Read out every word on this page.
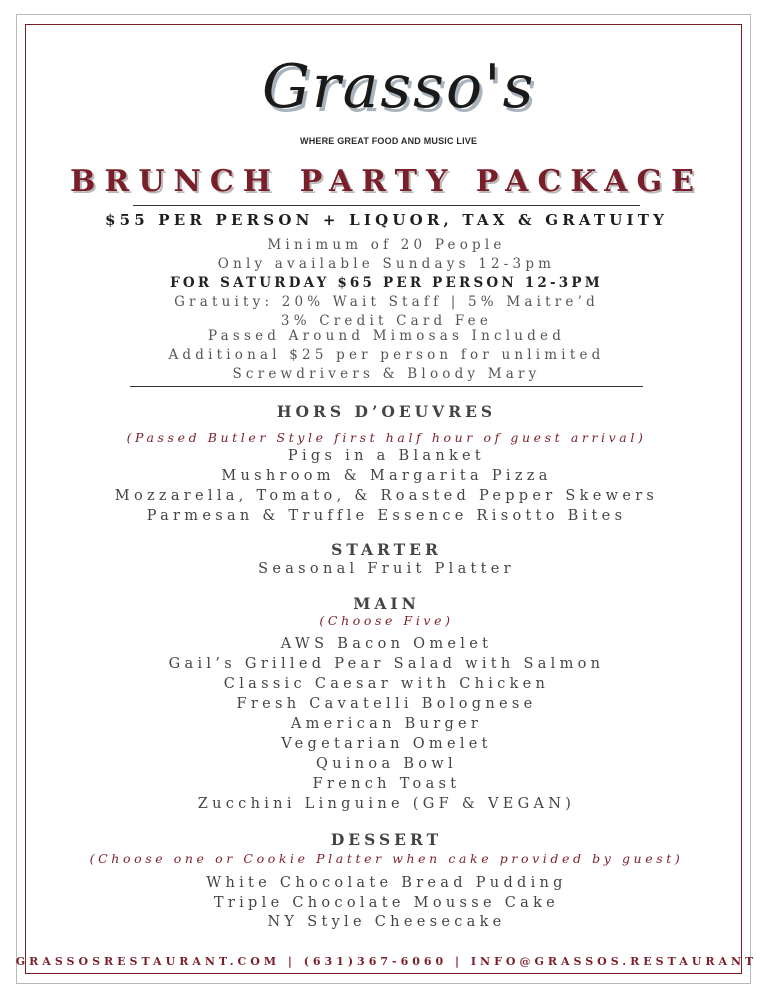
Grasso's
WHERE GREAT FOOD AND MUSIC LIVE
BRUNCH PARTY PACKAGE
$55 PER PERSON + LIQUOR, TAX & GRATUITY
Minimum of 20 People
Only available Sundays 12-3pm
FOR SATURDAY $65 PER PERSON 12-3PM
Gratuity: 20% Wait Staff | 5% Maitre’d
3% Credit Card Fee
Passed Around Mimosas Included
Additional $25 per person for unlimited
Screwdrivers & Bloody Mary
HORS D’OEUVRES
(Passed Butler Style first half hour of guest arrival)
Pigs in a Blanket
Mushroom & Margarita Pizza
Mozzarella, Tomato, & Roasted Pepper Skewers
Parmesan & Truffle Essence Risotto Bites
STARTER
Seasonal Fruit Platter
MAIN
(Choose Five)
AWS Bacon Omelet
Gail’s Grilled Pear Salad with Salmon
Classic Caesar with Chicken
Fresh Cavatelli Bolognese
American Burger
Vegetarian Omelet
Quinoa Bowl
French Toast
Zucchini Linguine (GF & VEGAN)
DESSERT
(Choose one or Cookie Platter when cake provided by guest)
White Chocolate Bread Pudding
Triple Chocolate Mousse Cake
NY Style Cheesecake
GRASSOSRESTAURANT.COM | (631)367-6060 | INFO@GRASSOS.RESTAURANT
